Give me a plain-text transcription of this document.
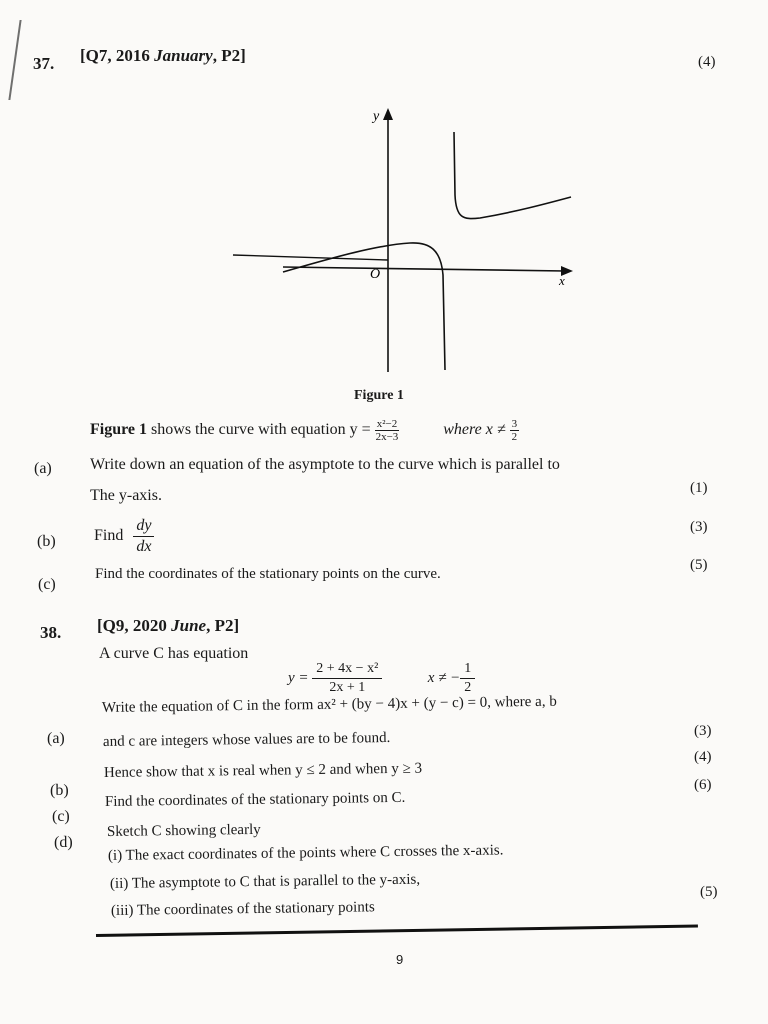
37. [Q7, 2016 January, P2]	(4)
y
x
O
Figure 1
Figure 1 shows the curve with equation $y = \frac{\text{x²−2}}{2x-3}$	where $x \ne \frac{3}{2}$
(a) Write down an equation of the asymptote to the curve which is parallel to
The y-axis.	(1)
(b) Find $\frac{dy}{dx}$	(3)
(c)
Find the coordinates of the stationary points on the curve.
(5)
38. [Q9, 2020 June, P2]
A curve C has equation
$y = \frac{\text{2 + 4x − x²}}{2x + 1}$	x ≠ − $\frac{1}{2}$
(a)
Write the equation of C in the form ax² + (by − 4)x + (y − c) = 0, where a, b
and c are integers whose values are to be found.	(3)
(b)
Hence show that x is real when y ≤ 2 and when y ≥ 3
(4)
(c)
Find the coordinates of the stationary points on C.
(6)
(d)
Sketch C showing clearly
(i) The exact coordinates of the points where C crosses the x-axis.
(ii) The asymptote to C that is parallel to the y-axis,
(iii) The coordinates of the stationary points
(5)
9
